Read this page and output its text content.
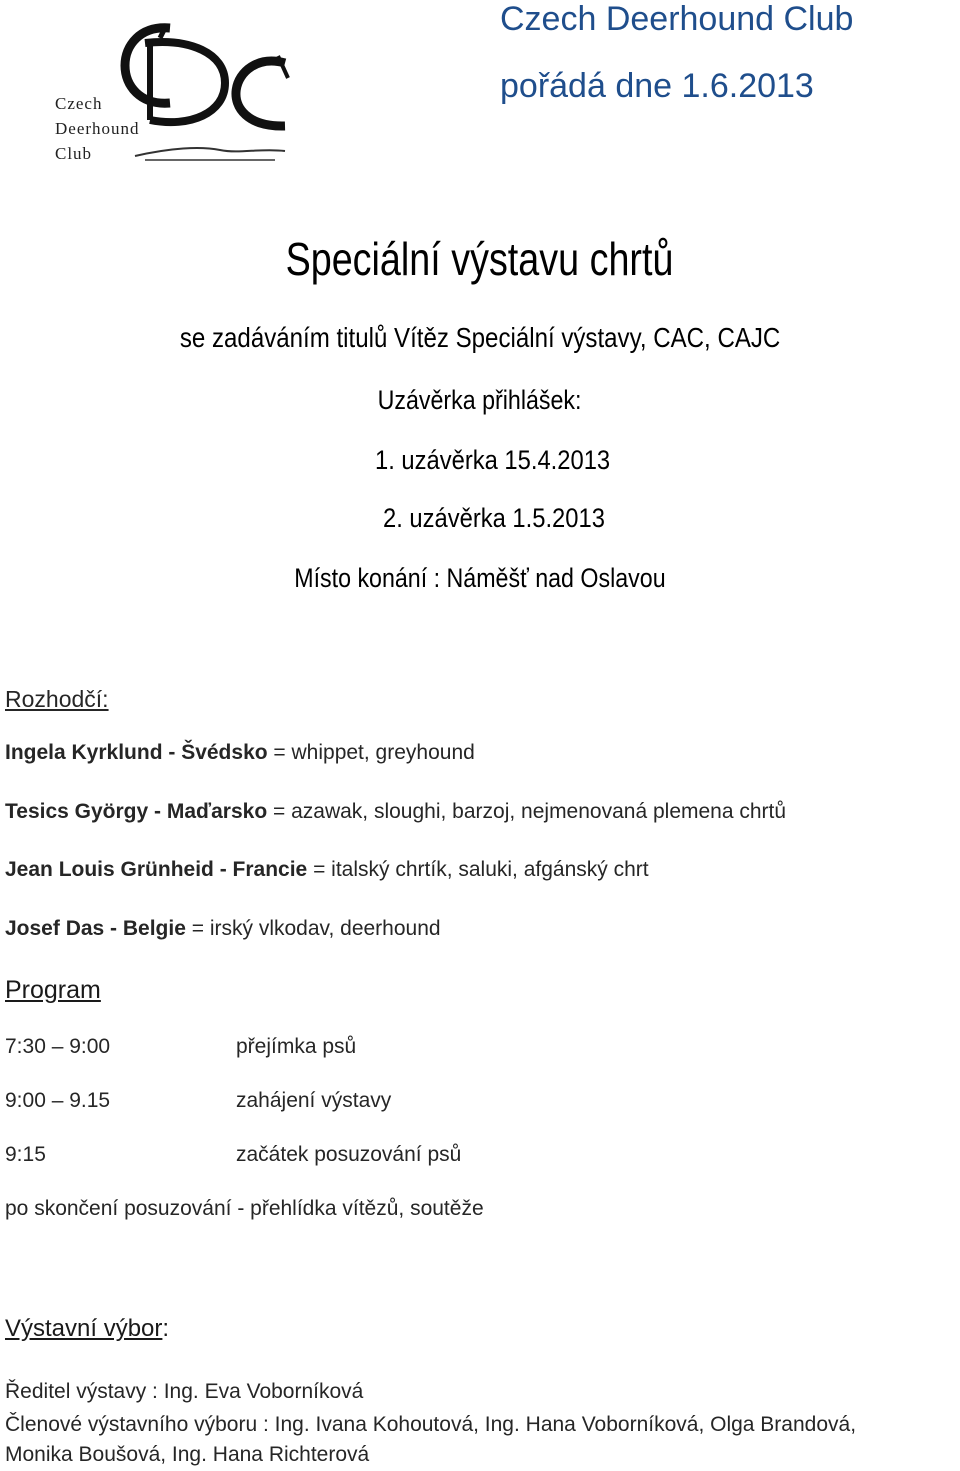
Czech
Deerhound
Club
Czech Deerhound Club
pořádá dne 1.6.2013
Speciální výstavu chrtů
se zadáváním titulů Vítěz Speciální výstavy, CAC, CAJC
Uzávěrka přihlášek:
1. uzávěrka 15.4.2013
2. uzávěrka 1.5.2013
Místo konání : Náměšť nad Oslavou
Rozhodčí:
Ingela Kyrklund - Švédsko = whippet, greyhound
Tesics György - Maďarsko = azawak, sloughi, barzoj, nejmenovaná plemena chrtů
Jean Louis Grünheid - Francie = italský chrtík, saluki, afgánský chrt
Josef Das - Belgie = irský vlkodav, deerhound
Program
7:30 – 9:00	přejímka psů
9:00 – 9.15	zahájení výstavy
9:15	začátek posuzování psů
po skončení posuzování - přehlídka vítězů, soutěže
Výstavní výbor:
Ředitel výstavy : Ing. Eva Voborníková
Členové výstavního výboru : Ing. Ivana Kohoutová, Ing. Hana Voborníková, Olga Brandová,
Monika Boušová, Ing. Hana Richterová
